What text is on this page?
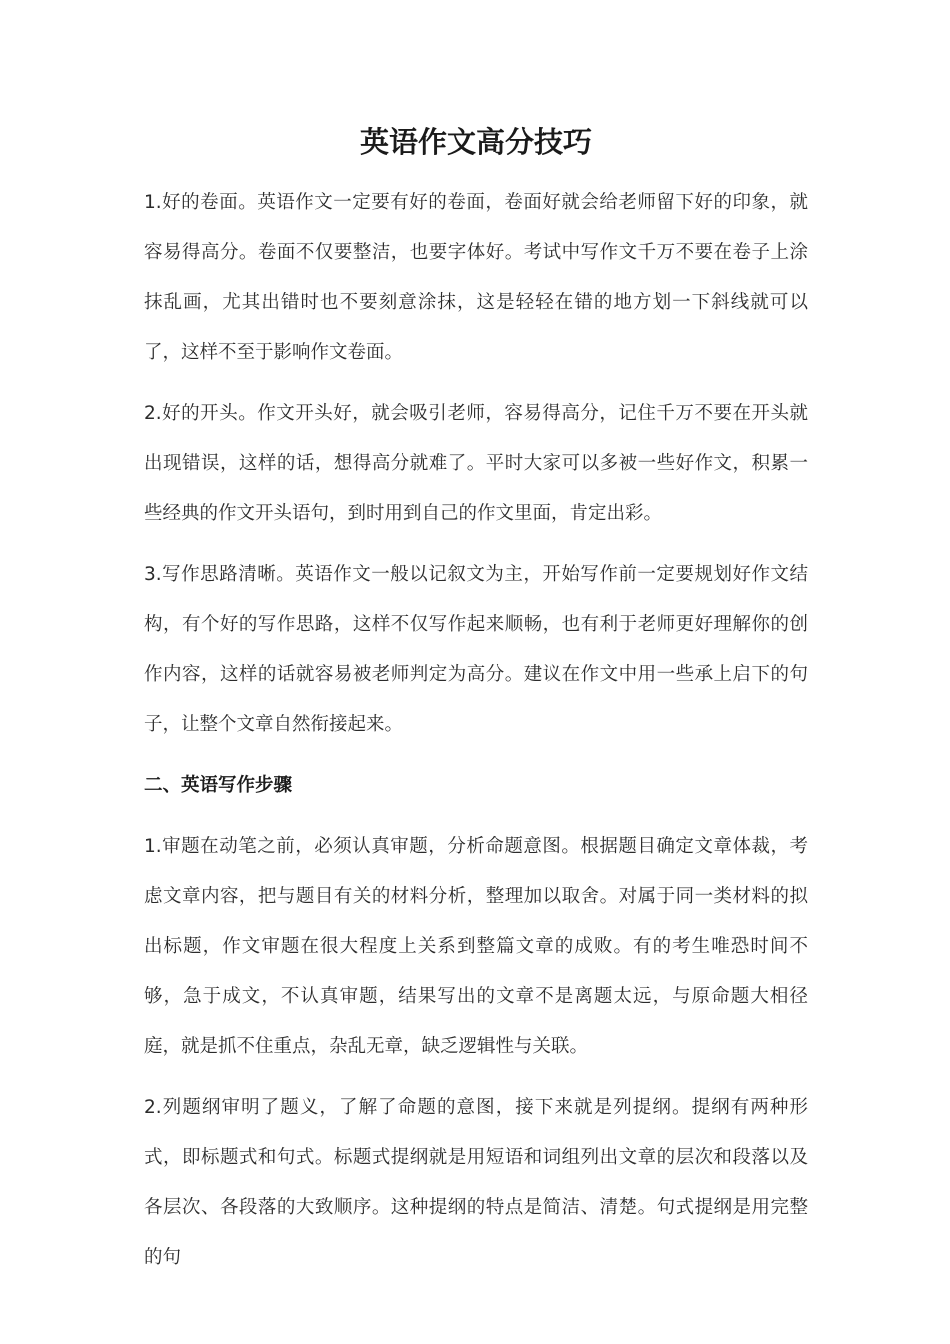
英语作文高分技巧

1.好的卷面。英语作文一定要有好的卷面，卷面好就会给老师留下好的印象，就容易得高分。卷面不仅要整洁，也要字体好。考试中写作文千万不要在卷子上涂抹乱画，尤其出错时也不要刻意涂抹，这是轻轻在错的地方划一下斜线就可以了，这样不至于影响作文卷面。

2.好的开头。作文开头好，就会吸引老师，容易得高分，记住千万不要在开头就出现错误，这样的话，想得高分就难了。平时大家可以多被一些好作文，积累一些经典的作文开头语句，到时用到自己的作文里面，肯定出彩。

3.写作思路清晰。英语作文一般以记叙文为主，开始写作前一定要规划好作文结构，有个好的写作思路，这样不仅写作起来顺畅，也有利于老师更好理解你的创作内容，这样的话就容易被老师判定为高分。建议在作文中用一些承上启下的句子，让整个文章自然衔接起来。

二、英语写作步骤

1.审题在动笔之前，必须认真审题，分析命题意图。根据题目确定文章体裁，考虑文章内容，把与题目有关的材料分析，整理加以取舍。对属于同一类材料的拟出标题，作文审题在很大程度上关系到整篇文章的成败。有的考生唯恐时间不够，急于成文，不认真审题，结果写出的文章不是离题太远，与原命题大相径庭，就是抓不住重点，杂乱无章，缺乏逻辑性与关联。

2.列题纲审明了题义，了解了命题的意图，接下来就是列提纲。提纲有两种形式，即标题式和句式。标题式提纲就是用短语和词组列出文章的层次和段落以及各层次、各段落的大致顺序。这种提纲的特点是简洁、清楚。句式提纲是用完整的句
